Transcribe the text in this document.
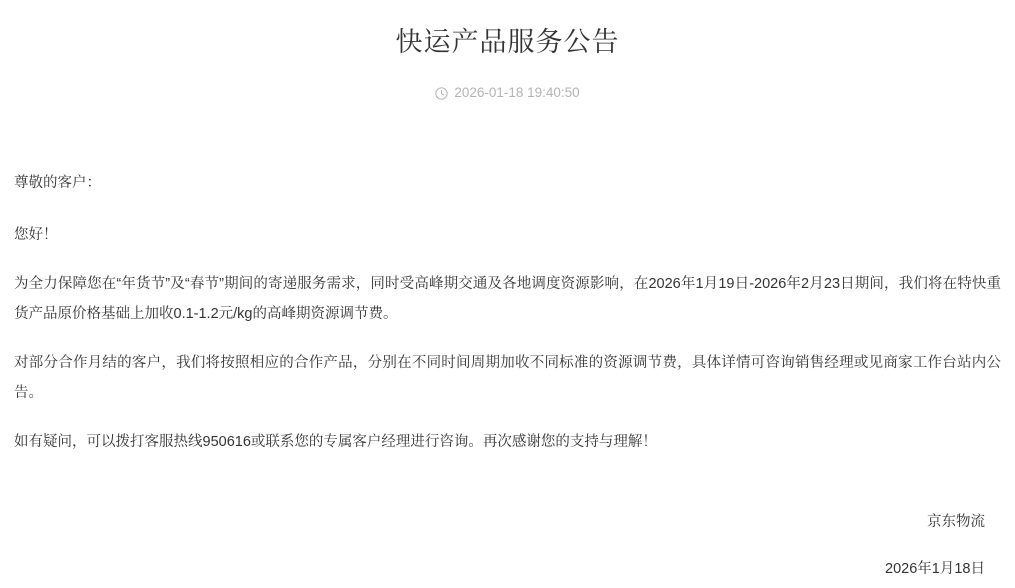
快运产品服务公告
2026-01-18 19:40:50

尊敬的客户：

您好！

为全力保障您在“年货节”及“春节”期间的寄递服务需求，同时受高峰期交通及各地调度资源影响，在2026年1月19日-2026年2月23日期间，我们将在特快重货产品原价格基础上加收0.1-1.2元/kg的高峰期资源调节费。

对部分合作月结的客户，我们将按照相应的合作产品，分别在不同时间周期加收不同标准的资源调节费，具体详情可咨询销售经理或见商家工作台站内公告。

如有疑问，可以拨打客服热线950616或联系您的专属客户经理进行咨询。再次感谢您的支持与理解！

京东物流
2026年1月18日
